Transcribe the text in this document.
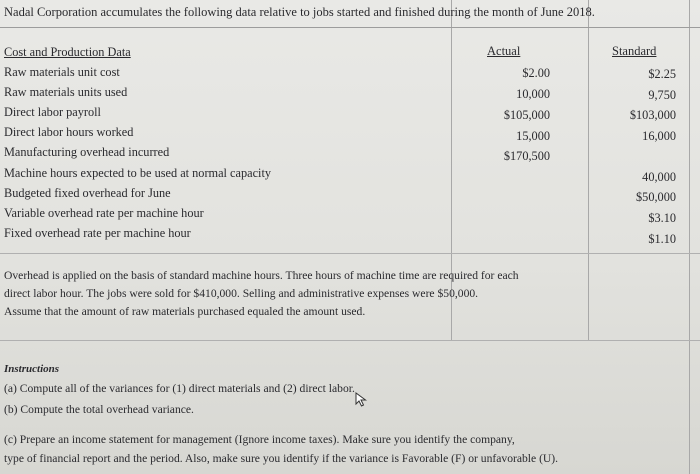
Nadal Corporation accumulates the following data relative to jobs started and finished during the month of June 2018.
Cost and Production Data	Actual	Standard
Raw materials unit cost
Raw materials units used
Direct labor payroll
Direct labor hours worked
Manufacturing overhead incurred
Machine hours expected to be used at normal capacity
Budgeted fixed overhead for June
Variable overhead rate per machine hour
Fixed overhead rate per machine hour
$2.00
10,000
$105,000
15,000
$170,500
$2.25
9,750
$103,000
16,000
40,000
$50,000
$3.10
$1.10
Overhead is applied on the basis of standard machine hours. Three hours of machine time are required for each
direct labor hour. The jobs were sold for $410,000. Selling and administrative expenses were $50,000.
Assume that the amount of raw materials purchased equaled the amount used.
Instructions
(a) Compute all of the variances for (1) direct materials and (2) direct labor.
(b) Compute the total overhead variance.
(c) Prepare an income statement for management (Ignore income taxes). Make sure you identify the company,
type of financial report and the period. Also, make sure you identify if the variance is Favorable (F) or unfavorable (U).
